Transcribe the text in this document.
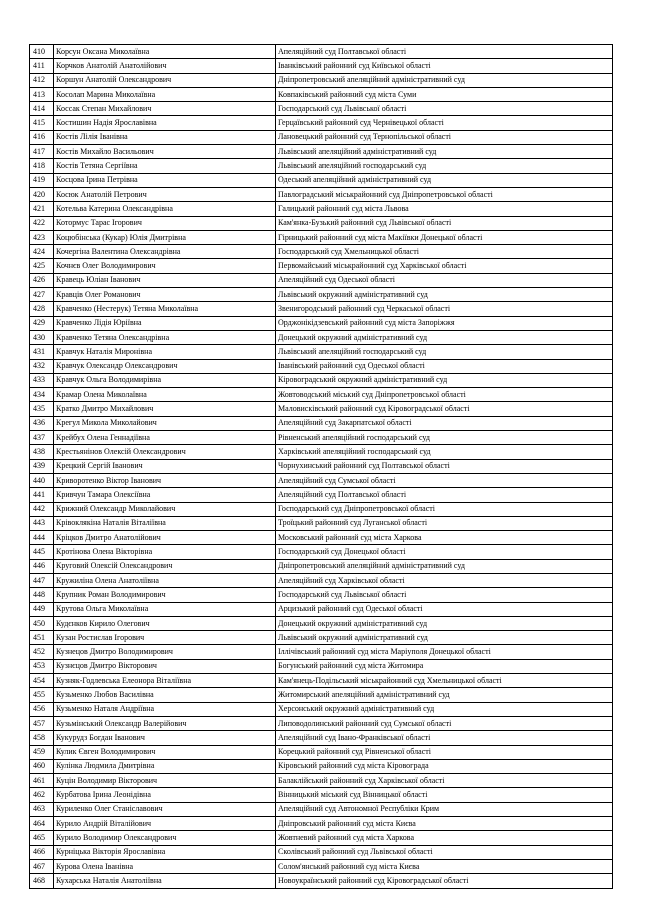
410	Корсун Оксана Миколаївна	Апеляційний суд Полтавської області
411	Корчков Анатолій Анатолійович	Іванківський районний суд Київської області
412	Коршун Анатолій Олександрович	Дніпропетровський апеляційний адміністративний суд
413	Косолап Марина Миколаївна	Ковпаківський районний суд міста Суми
414	Коссак Степан Михайлович	Господарський суд Львівської області
415	Костишин Надія Ярославівна	Герцаївський районний суд Чернівецької області
416	Костів Лілія Іванівна	Лановецький районний суд Тернопільської області
417	Костів Михайло Васильович	Львівський апеляційний адміністративний суд
418	Костів Тетяна Сергіївна	Львівський апеляційний господарський суд
419	Косцова Ірина Петрівна	Одеський апеляційний адміністративний суд
420	Косюк Анатолій Петрович	Павлоградський міськрайонний суд Дніпропетровської області
421	Котельва Катерина Олександрівна	Галицький районний суд міста Львова
422	Котормус Тарас Ігорович	Кам'янка-Бузький районний суд Львівської області
423	Коцюбінська (Кукар) Юлія Дмитрівна	Гірницький районний суд міста Макіївки Донецької області
424	Кочергіна Валентина Олександрівна	Господарський суд Хмельницької області
425	Кочнєв Олег Володимирович	Первомайський міськрайонний суд Харківської області
426	Кравець Юліан Іванович	Апеляційний суд Одеської області
427	Кравців Олег Романович	Львівський окружний адміністративний суд
428	Кравченко (Нестерук) Тетяна Миколаївна	Звенигородський районний суд Черкаської області
429	Кравченко Лідія Юріївна	Орджонікідзевський районний суд міста Запоріжжя
430	Кравченко Тетяна Олександрівна	Донецький окружний адміністративний суд
431	Кравчук Наталія Миронівна	Львівський апеляційний господарський суд
432	Кравчук Олександр Олександрович	Іванівський районний суд Одеської області
433	Кравчук Ольга Володимирівна	Кіровоградський окружний адміністративний суд
434	Крамар Олена Миколаївна	Жовтоводський міський суд Дніпропетровської області
435	Кратко Дмитро Михайлович	Маловисківський районний суд Кіровоградської області
436	Крегул Микола Миколайович	Апеляційний суд Закарпатської області
437	Крейбух Олена Геннадіївна	Рівненський апеляційний господарський суд
438	Крестьянінов Олексій Олександрович	Харківський апеляційний господарський суд
439	Крецкий Сергій Іванович	Чорнухинський районний суд Полтавської області
440	Криворотенко Віктор Іванович	Апеляційний суд Сумської області
441	Кривчун Тамара Олексіївна	Апеляційний суд Полтавської області
442	Крижний Олександр Миколайович	Господарський суд Дніпропетровської області
443	Крiвоклякiна Наталія Віталіївна	Троїцький районний суд Луганської області
444	Кріцков Дмитро Анатолійович	Московський районний суд міста Харкова
445	Кротінова Олена Вікторівна	Господарський суд Донецької області
446	Круговий Олексій Олександрович	Дніпропетровський апеляційний адміністративний суд
447	Кружиліна Олена Анатоліївна	Апеляційний суд Харківської області
448	Крупник Роман Володимирович	Господарський суд Львівської області
449	Крутова Ольга Миколаївна	Арцизький районний суд Одеської області
450	Кудєнков Кирило Олегович	Донецький окружний адміністративний суд
451	Кузан Ростислав Ігорович	Львівський окружний адміністративний суд
452	Кузнецов Дмитро Володимирович	Іллічівський районний суд міста Маріуполя Донецької області
453	Кузнєцов Дмитро Вікторович	Богунський районний суд міста Житомира
454	Кузняк-Годлевська Елеонора Віталіївна	Кам'янець-Подільський міськрайонний суд Хмельницької області
455	Кузьменко Любов Василівна	Житомирський апеляційний адміністративний суд
456	Кузьменко Наталя Андріївна	Херсонський окружний адміністративний суд
457	Кузьмінський Олександр Валерійович	Липоводолинський районний суд Сумської області
458	Кукурудз Богдан Іванович	Апеляційний суд Івано-Франківської області
459	Кулик Євген Володимирович	Корецький районний суд Рівненської області
460	Кулінка Людмила Дмитрівна	Кіровський районний суд міста Кіровограда
461	Куцін Володимир Вікторович	Балаклійський районний суд Харківської області
462	Курбатова Ірина Леонідівна	Вінницький міський суд Вінницької області
463	Куриленко Олег Станіславович	Апеляційний суд Автономної Республіки Крим
464	Курило Андрій Віталійович	Дніпровський районний суд міста Києва
465	Курило Володимир Олександрович	Жовтневий районний суд міста Харкова
466	Курніцька Вікторія Ярославівна	Сколівський районний суд Львівської області
467	Курова Олена Іванівна	Солом'янський районний суд міста Києва
468	Кухарська Наталія Анатоліївна	Новоукраїнський районний суд Кіровоградської області
